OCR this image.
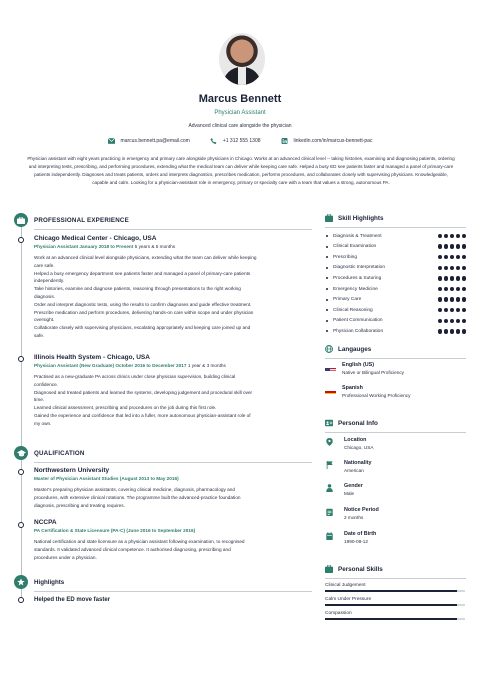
Marcus Bennett
Physician Assistant
Advanced clinical care alongside the physician
marcus.bennett.pa@email.com	+1 312 555 1308	linkedin.com/in/marcus-bennett-pac
Physician assistant with eight years practicing in emergency and primary care alongside physicians in Chicago. Works at an advanced clinical level -- taking histories, examining and diagnosing patients, ordering and interpreting tests, prescribing, and performing procedures, extending what the medical team can deliver while keeping care safe. Helped a busy ED see patients faster and managed a panel of primary-care patients independently. Diagnoses and treats patients, orders and interprets diagnostics, prescribes medication, performs procedures, and collaborates closely with supervising physicians. Knowledgeable, capable and calm. Looking for a physician-assistant role in emergency, primary or specialty care with a team that values a strong, autonomous PA.
PROFESSIONAL EXPERIENCE
Chicago Medical Center - Chicago, USA
Physician Assistant January 2018 to Present 5 years & 5 months
Work at an advanced clinical level alongside physicians, extending what the team can deliver while keeping
care safe.
Helped a busy emergency department see patients faster and managed a panel of primary-care patients
independently.
Take histories, examine and diagnose patients, reasoning through presentations to the right working
diagnosis.
Order and interpret diagnostic tests, using the results to confirm diagnoses and guide effective treatment.
Prescribe medication and perform procedures, delivering hands-on care within scope and under physician
oversight.
Collaborate closely with supervising physicians, escalating appropriately and keeping care joined up and
safe.
Illinois Health System - Chicago, USA
Physician Assistant (New Graduate) October 2016 to December 2017 1 year & 3 months
Practised as a new-graduate PA across clinics under close physician supervision, building clinical
confidence.
Diagnosed and treated patients and learned the systems, developing judgement and procedural skill over
time.
Learned clinical assessment, prescribing and procedures on the job during this first role.
Gained the experience and confidence that led into a fuller, more autonomous physician-assistant role of
my own.
QUALIFICATION
Northwestern University
Master of Physician Assistant Studies (August 2013 to May 2016)
Master's preparing physician assistants, covering clinical medicine, diagnosis, pharmacology and
procedures, with extensive clinical rotations. The programme built the advanced-practice foundation
diagnosis, prescribing and treating requires.
NCCPA
PA Certification & State Licensure (PA-C) (June 2016 to September 2016)
National certification and state licensure as a physician assistant following examination, to recognised
standards. It validated advanced clinical competence. It authorised diagnosing, prescribing and
procedures under a physician.
Highlights
Helped the ED move faster
Skill Highlights
Diagnosis & Treatment
Clinical Examination
Prescribing
Diagnostic Interpretation
Procedures & Suturing
Emergency Medicine
Primary Care
Clinical Reasoning
Patient Communication
Physician Collaboration
Langauges
English (US)
Native or Bilingual Proficiency
Spanish
Professional Working Proficiency
Personal Info
Location
Chicago, USA
Nationality
American
Gender
Male
Notice Period
2 months
Date of Birth
1990-09-12
Personal Skills
Clinical Judgement
Calm Under Pressure
Compassion
